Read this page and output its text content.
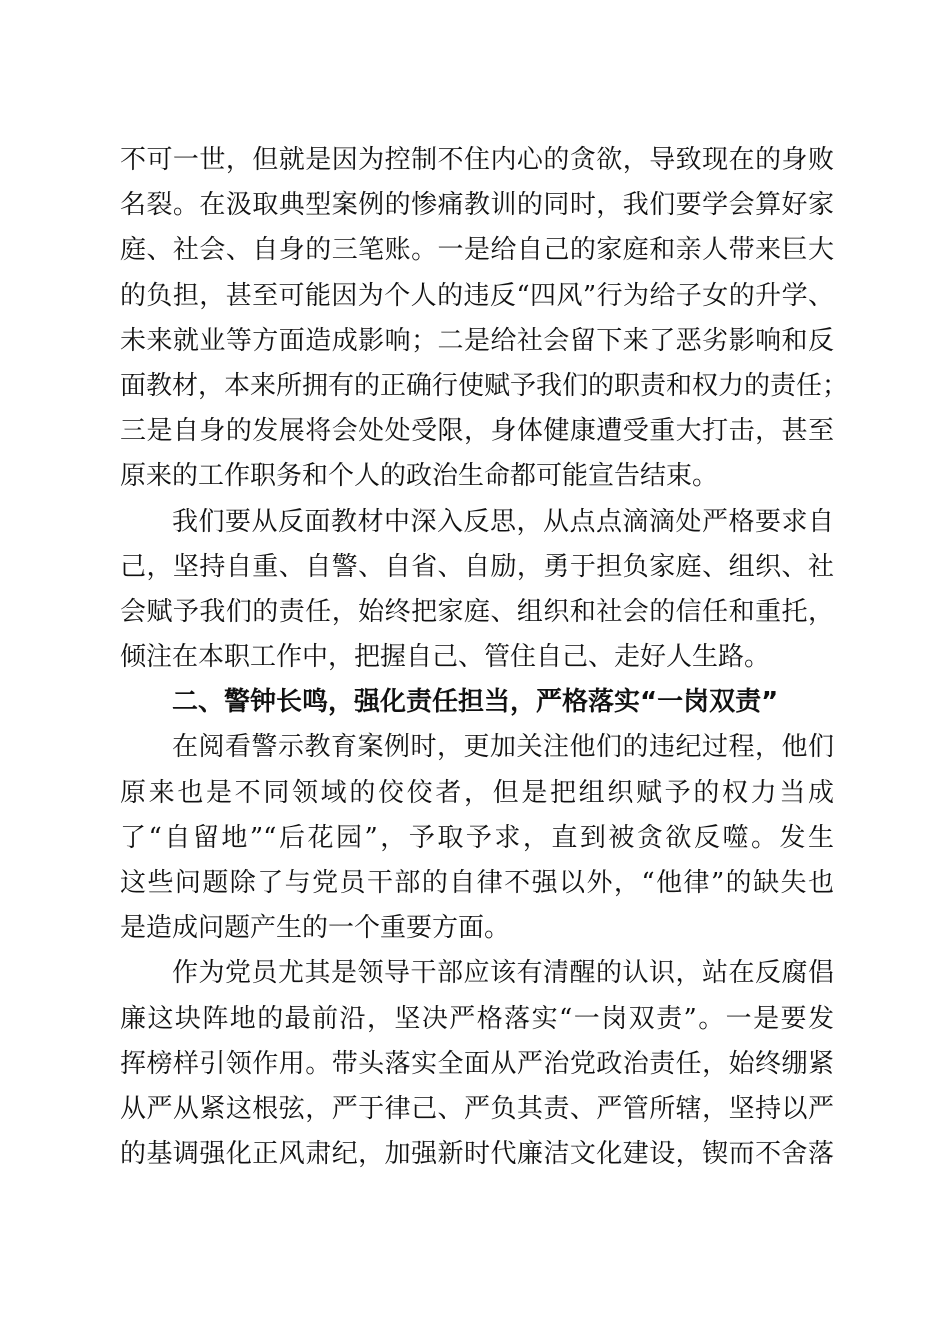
不可一世，但就是因为控制不住内心的贪欲，导致现在的身败
名裂。在汲取典型案例的惨痛教训的同时，我们要学会算好家
庭、社会、自身的三笔账。一是给自己的家庭和亲人带来巨大
的负担，甚至可能因为个人的违反“四风”行为给子女的升学、
未来就业等方面造成影响；二是给社会留下来了恶劣影响和反
面教材，本来所拥有的正确行使赋予我们的职责和权力的责任；
三是自身的发展将会处处受限，身体健康遭受重大打击，甚至
原来的工作职务和个人的政治生命都可能宣告结束。
我们要从反面教材中深入反思，从点点滴滴处严格要求自
己，坚持自重、自警、自省、自励，勇于担负家庭、组织、社
会赋予我们的责任，始终把家庭、组织和社会的信任和重托，
倾注在本职工作中，把握自己、管住自己、走好人生路。
二、警钟长鸣，强化责任担当，严格落实“一岗双责”
在阅看警示教育案例时，更加关注他们的违纪过程，他们
原来也是不同领域的佼佼者，但是把组织赋予的权力当成
了“自留地”“后花园”，予取予求，直到被贪欲反噬。发生
这些问题除了与党员干部的自律不强以外，“他律”的缺失也
是造成问题产生的一个重要方面。
作为党员尤其是领导干部应该有清醒的认识，站在反腐倡
廉这块阵地的最前沿，坚决严格落实“一岗双责”。一是要发
挥榜样引领作用。带头落实全面从严治党政治责任，始终绷紧
从严从紧这根弦，严于律己、严负其责、严管所辖，坚持以严
的基调强化正风肃纪，加强新时代廉洁文化建设，锲而不舍落
